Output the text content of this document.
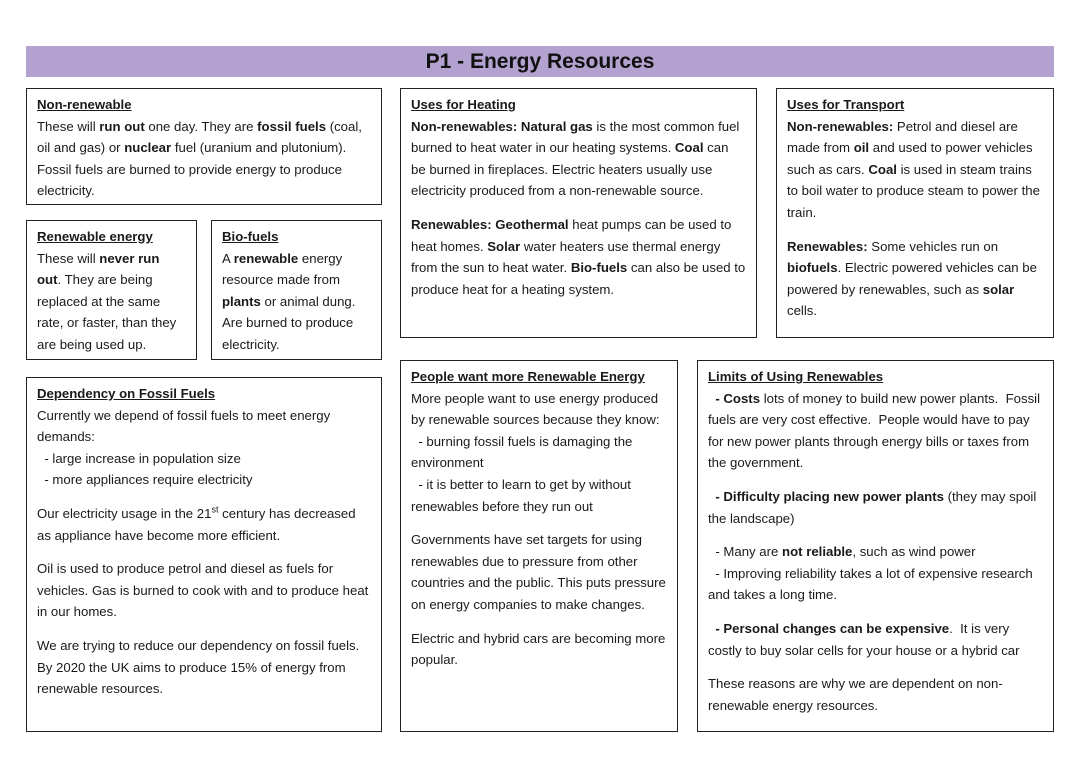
P1 - Energy Resources

Non-renewable

These will run out one day. They are fossil fuels (coal, oil and gas) or nuclear fuel (uranium and plutonium). Fossil fuels are burned to provide energy to produce electricity.

Renewable energy

These will never run out. They are being replaced at the same rate, or faster, than they are being used up.

Bio-fuels

A renewable energy resource made from plants or animal dung. Are burned to produce electricity.

Dependency on Fossil Fuels

Currently we depend of fossil fuels to meet energy demands:

- large increase in population size

- more appliances require electricity

Our electricity usage in the 21st century has decreased as appliance have become more efficient.

Oil is used to produce petrol and diesel as fuels for vehicles. Gas is burned to cook with and to produce heat in our homes.

We are trying to reduce our dependency on fossil fuels. By 2020 the UK aims to produce 15% of energy from renewable resources.

Uses for Heating

Non-renewables: Natural gas is the most common fuel burned to heat water in our heating systems. Coal can be burned in fireplaces. Electric heaters usually use electricity produced from a non-renewable source.

Renewables: Geothermal heat pumps can be used to heat homes. Solar water heaters use thermal energy from the sun to heat water. Bio-fuels can also be used to produce heat for a heating system.

Uses for Transport

Non-renewables: Petrol and diesel are made from oil and used to power vehicles such as cars. Coal is used in steam trains to boil water to produce steam to power the train.

Renewables: Some vehicles run on biofuels. Electric powered vehicles can be powered by renewables, such as solar cells.

People want more Renewable Energy

More people want to use energy produced by renewable sources because they know:

- burning fossil fuels is damaging the environment

- it is better to learn to get by without renewables before they run out

Governments have set targets for using renewables due to pressure from other countries and the public. This puts pressure on energy companies to make changes.

Electric and hybrid cars are becoming more popular.

Limits of Using Renewables

- Costs lots of money to build new power plants.  Fossil fuels are very cost effective.  People would have to pay for new power plants through energy bills or taxes from the government.

- Difficulty placing new power plants (they may spoil the landscape)

- Many are not reliable, such as wind power

- Improving reliability takes a lot of expensive research and takes a long time.

- Personal changes can be expensive.  It is very costly to buy solar cells for your house or a hybrid car

These reasons are why we are dependent on non-renewable energy resources.
